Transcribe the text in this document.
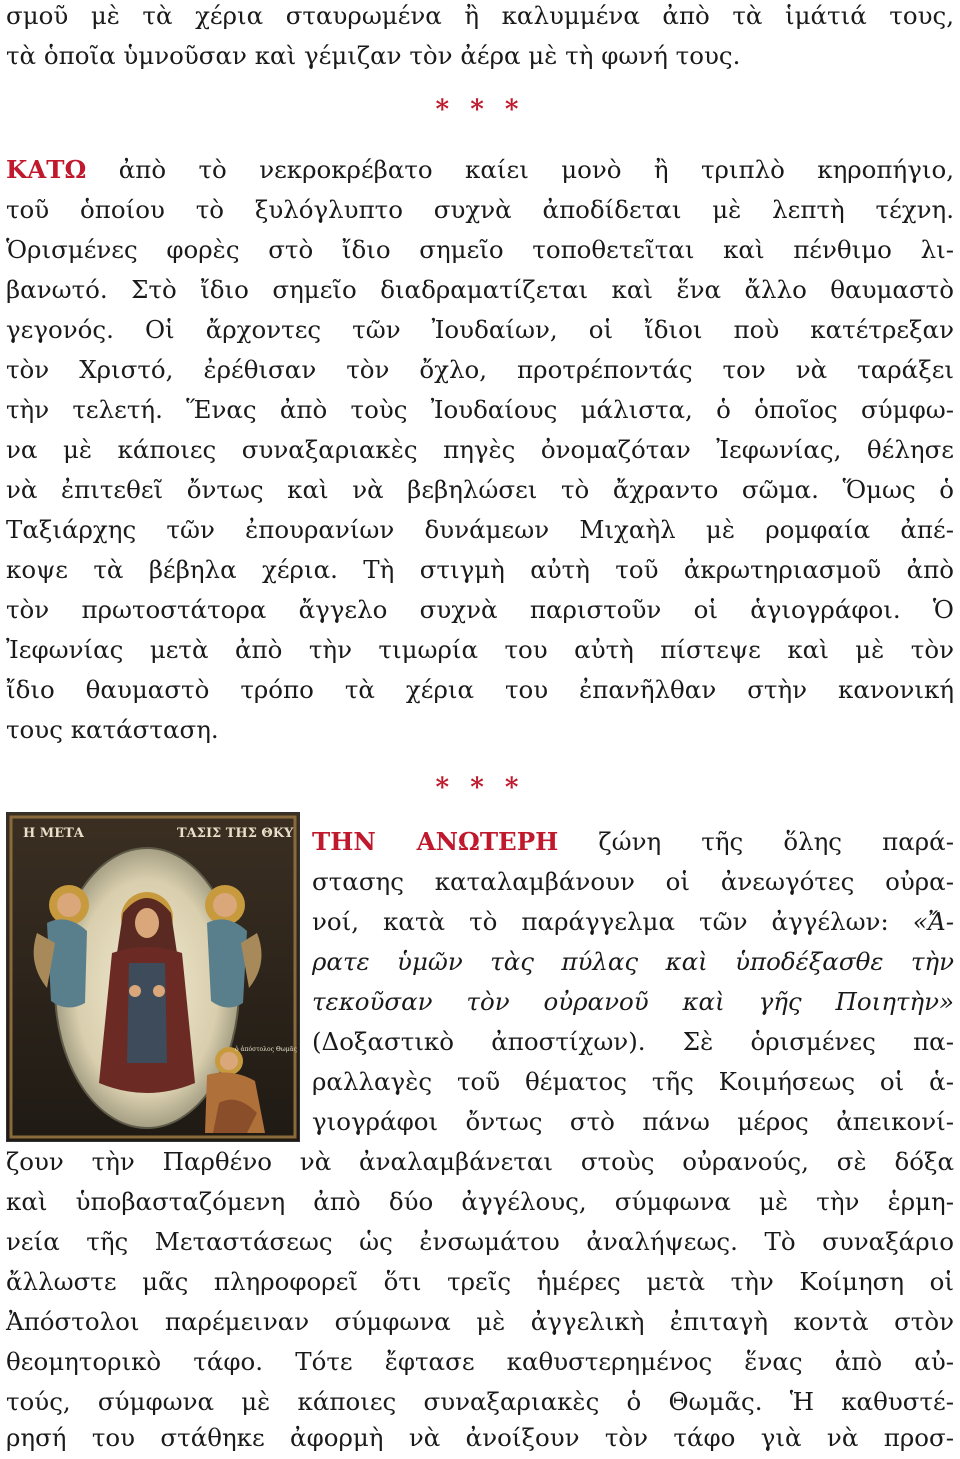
σμοῦ μὲ τὰ χέρια σταυρωμένα ἢ καλυμμένα ἀπὸ τὰ ἱμάτιά τους,
τὰ ὁποῖα ὑμνοῦσαν καὶ γέμιζαν τὸν ἀέρα μὲ τὴ φωνή τους.
* * *
ΚΑΤΩ ἀπὸ τὸ νεκροκρέβατο καίει μονὸ ἢ τριπλὸ κηροπήγιο,
τοῦ ὁποίου τὸ ξυλόγλυπτο συχνὰ ἀποδίδεται μὲ λεπτὴ τέχνη.
Ὁρισμένες φορὲς στὸ ἴδιο σημεῖο τοποθετεῖται καὶ πένθιμο λι-
βανωτό. Στὸ ἴδιο σημεῖο διαδραματίζεται καὶ ἕνα ἄλλο θαυμαστὸ
γεγονός. Οἱ ἄρχοντες τῶν Ἰουδαίων, οἱ ἴδιοι ποὺ κατέτρεξαν
τὸν Χριστό, ἐρέθισαν τὸν ὄχλο, προτρέποντάς τον νὰ ταράξει
τὴν τελετή. Ἕνας ἀπὸ τοὺς Ἰουδαίους μάλιστα, ὁ ὁποῖος σύμφω-
να μὲ κάποιες συναξαριακὲς πηγὲς ὀνομαζόταν Ἰεφωνίας, θέλησε
νὰ ἐπιτεθεῖ ὄντως καὶ νὰ βεβηλώσει τὸ ἄχραντο σῶμα. Ὅμως ὁ
Ταξιάρχης τῶν ἐπουρανίων δυνάμεων Μιχαὴλ μὲ ρομφαία ἀπέ-
κοψε τὰ βέβηλα χέρια. Τὴ στιγμὴ αὐτὴ τοῦ ἀκρωτηριασμοῦ ἀπὸ
τὸν πρωτοστάτορα ἄγγελο συχνὰ παριστοῦν οἱ ἁγιογράφοι. Ὁ
Ἰεφωνίας μετὰ ἀπὸ τὴν τιμωρία του αὐτὴ πίστεψε καὶ μὲ τὸν
ἴδιο θαυμαστὸ τρόπο τὰ χέρια του ἐπανῆλθαν στὴν κανονική
τους κατάσταση.
* * *
Η ΜΕΤΑ	ΤΑΣΙΣ ΤΗΣ ΘΚΥ
ὁ ἀπόστολος Θωμᾶς
ΤΗΝ ΑΝΩΤΕΡΗ ζώνη τῆς ὅλης παρά-
στασης καταλαμβάνουν οἱ ἀνεωγότες οὐρα-
νοί, κατὰ τὸ παράγγελμα τῶν ἀγγέλων: «Ἄ-
ρατε ὑμῶν τὰς πύλας καὶ ὑποδέξασθε τὴν
τεκοῦσαν τὸν οὐρανοῦ καὶ γῆς Ποιητὴν»
(Δοξαστικὸ ἀποστίχων). Σὲ ὁρισμένες πα-
ραλλαγὲς τοῦ θέματος τῆς Κοιμήσεως οἱ ἁ-
γιογράφοι ὄντως στὸ πάνω μέρος ἀπεικονί-
ζουν τὴν Παρθένο νὰ ἀναλαμβάνεται στοὺς οὐρανούς, σὲ δόξα
καὶ ὑποβασταζόμενη ἀπὸ δύο ἀγγέλους, σύμφωνα μὲ τὴν ἑρμη-
νεία τῆς Μεταστάσεως ὡς ἐνσωμάτου ἀναλήψεως. Τὸ συναξάριο
ἄλλωστε μᾶς πληροφορεῖ ὅτι τρεῖς ἡμέρες μετὰ τὴν Κοίμηση οἱ
Ἀπόστολοι παρέμειναν σύμφωνα μὲ ἀγγελικὴ ἐπιταγὴ κοντὰ στὸν
θεομητορικὸ τάφο. Τότε ἔφτασε καθυστερημένος ἕνας ἀπὸ αὐ-
τούς, σύμφωνα μὲ κάποιες συναξαριακὲς ὁ Θωμᾶς. Ἡ καθυστέ-
ρησή του στάθηκε ἀφορμὴ νὰ ἀνοίξουν τὸν τάφο γιὰ νὰ προσ-
